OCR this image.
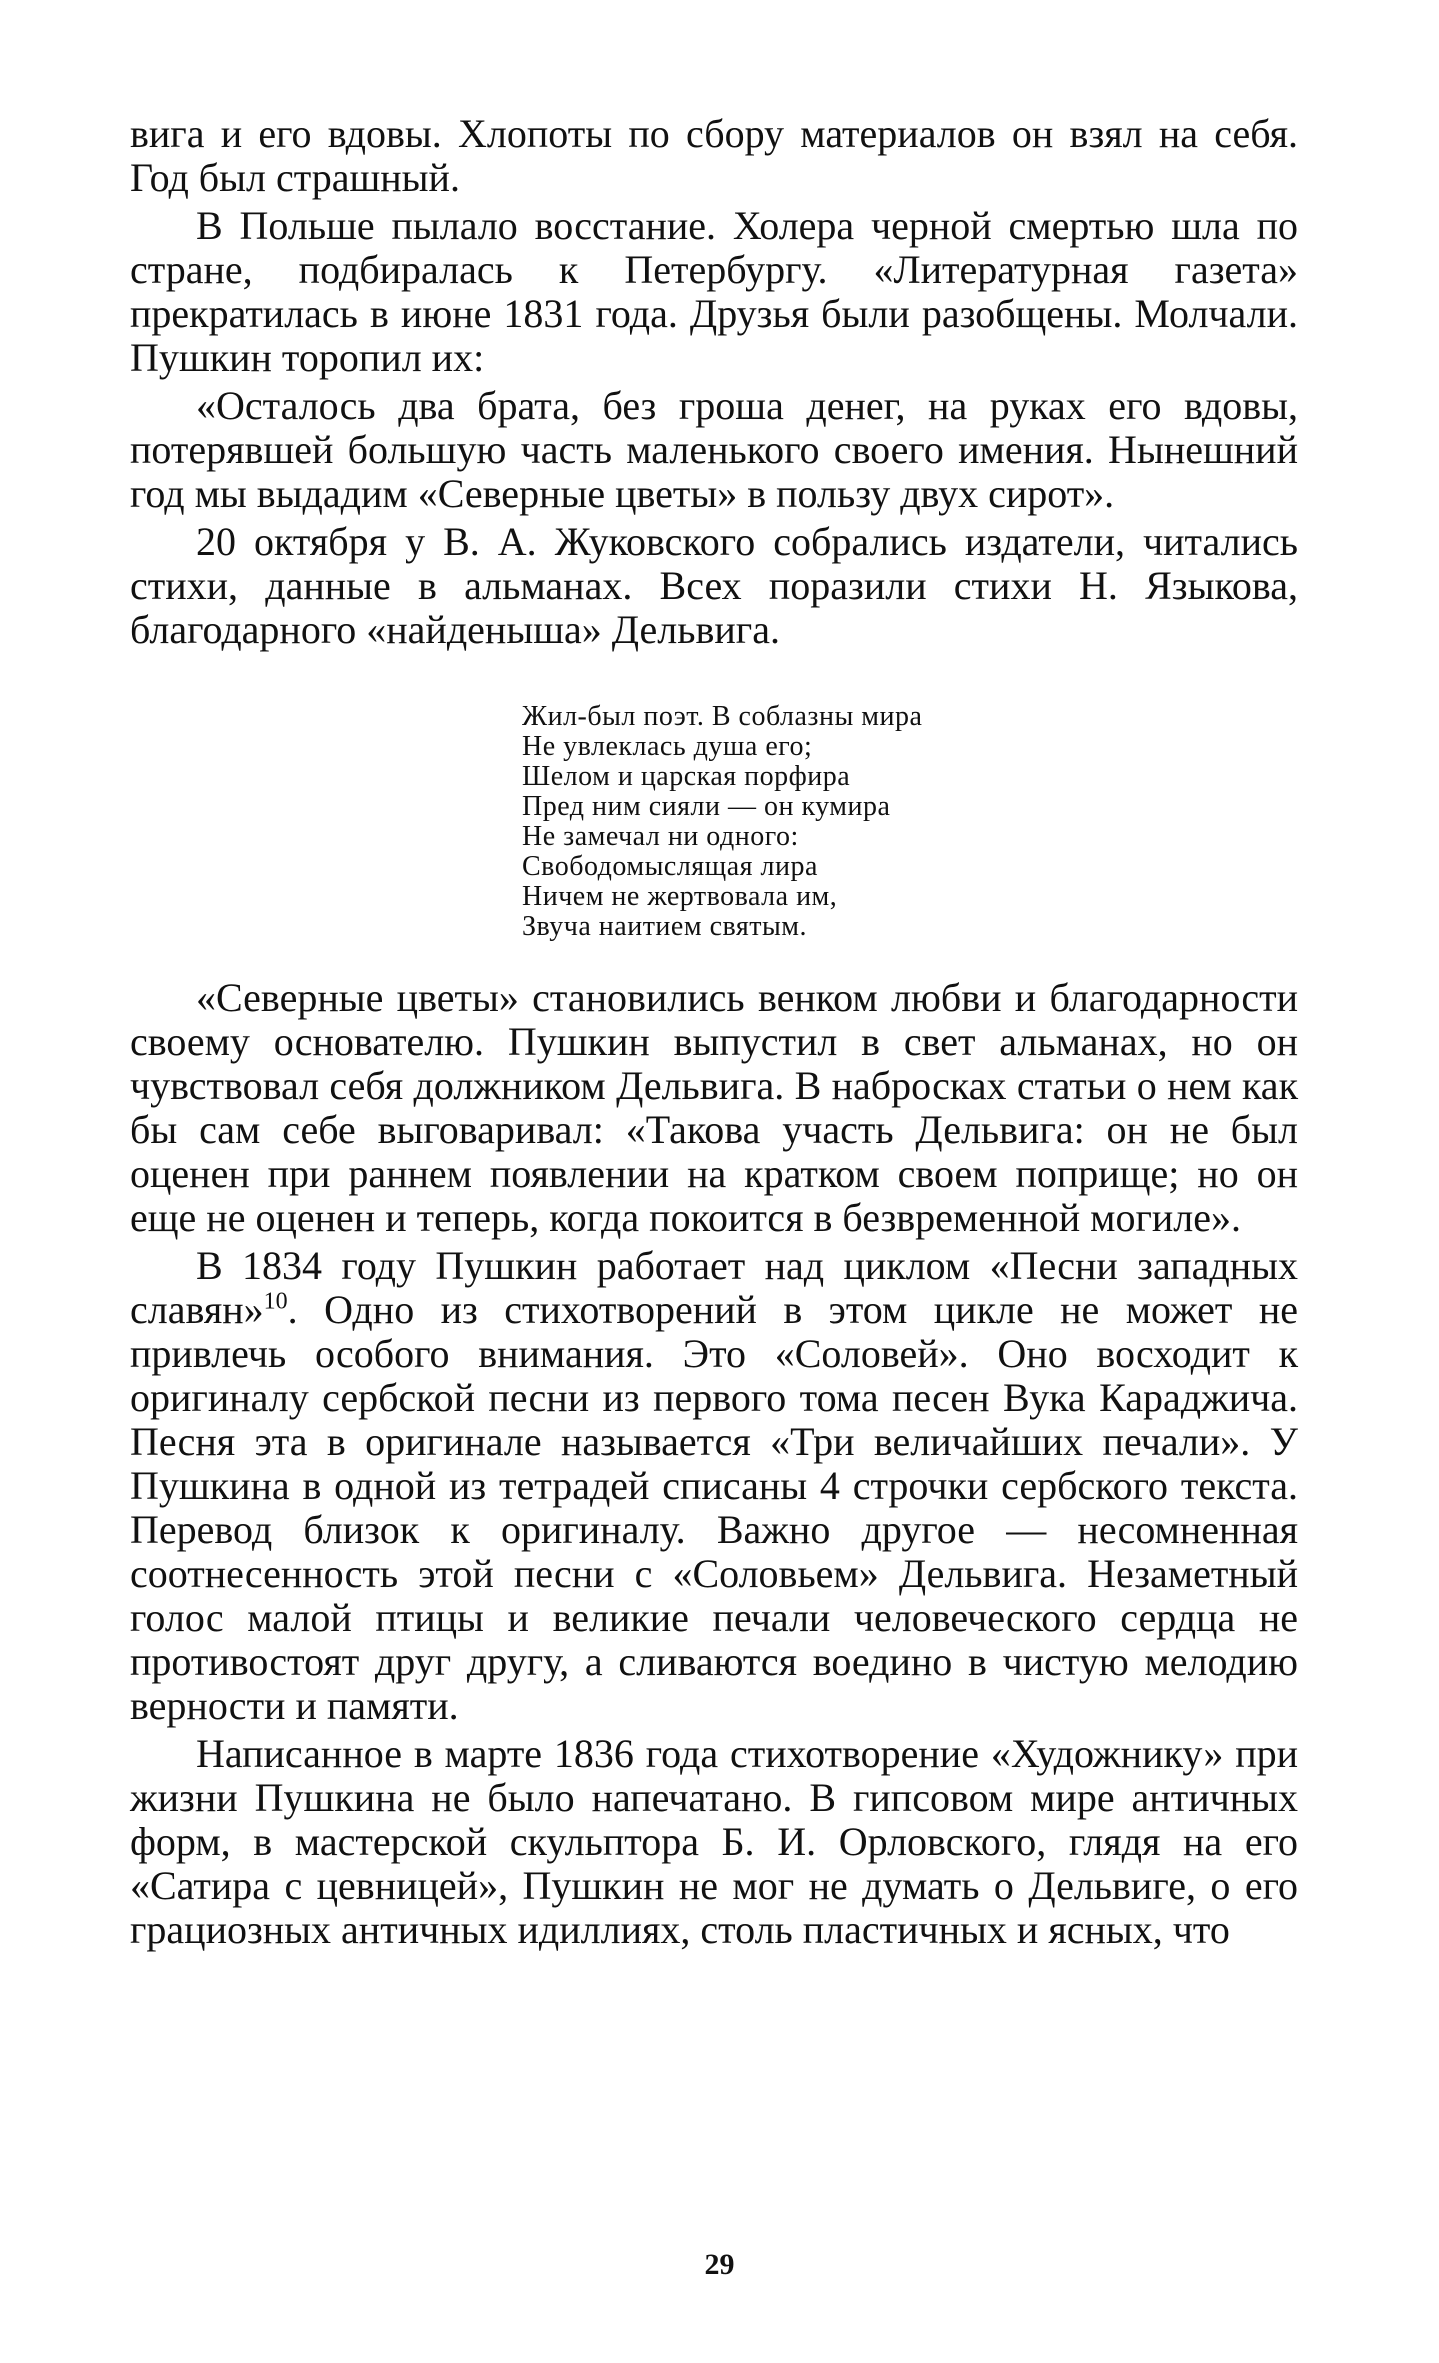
вига и его вдовы. Хлопоты по сбору материалов он взял на себя. Год был страшный.

В Польше пылало восстание. Холера черной смертью шла по стране, подбиралась к Петербургу. «Литературная газета» прекратилась в июне 1831 года. Друзья были разобщены. Молчали. Пушкин торопил их:

«Осталось два брата, без гроша денег, на руках его вдовы, потерявшей большую часть маленького своего имения. Нынешний год мы выдадим «Северные цветы» в пользу двух сирот».

20 октября у В. А. Жуковского собрались издатели, читались стихи, данные в альманах. Всех поразили стихи Н. Языкова, благодарного «найденыша» Дельвига.

Жил-был поэт. В соблазны мира
Не увлеклась душа его;
Шелом и царская порфира
Пред ним сияли — он кумира
Не замечал ни одного:
Свободомыслящая лира
Ничем не жертвовала им,
Звуча наитием святым.

«Северные цветы» становились венком любви и благодарности своему основателю. Пушкин выпустил в свет альманах, но он чувствовал себя должником Дельвига. В набросках статьи о нем как бы сам себе выговаривал: «Такова участь Дельвига: он не был оценен при раннем появлении на кратком своем поприще; но он еще не оценен и теперь, когда покоится в безвременной могиле».

В 1834 году Пушкин работает над циклом «Песни западных славян»$^{10}$. Одно из стихотворений в этом цикле не может не привлечь особого внимания. Это «Соловей». Оно восходит к оригиналу сербской песни из первого тома песен Вука Караджича. Песня эта в оригинале называется «Три величайших печали». У Пушкина в одной из тетрадей списаны 4 строчки сербского текста. Перевод близок к оригиналу. Важно другое — несомненная соотнесенность этой песни с «Соловьем» Дельвига. Незаметный голос малой птицы и великие печали человеческого сердца не противостоят друг другу, а сливаются воедино в чистую мелодию верности и памяти.

Написанное в марте 1836 года стихотворение «Художнику» при жизни Пушкина не было напечатано. В гипсовом мире античных форм, в мастерской скульптора Б. И. Орловского, глядя на его «Сатира с цевницей», Пушкин не мог не думать о Дельвиге, о его грациозных античных идиллиях, столь пластичных и ясных, что

29
